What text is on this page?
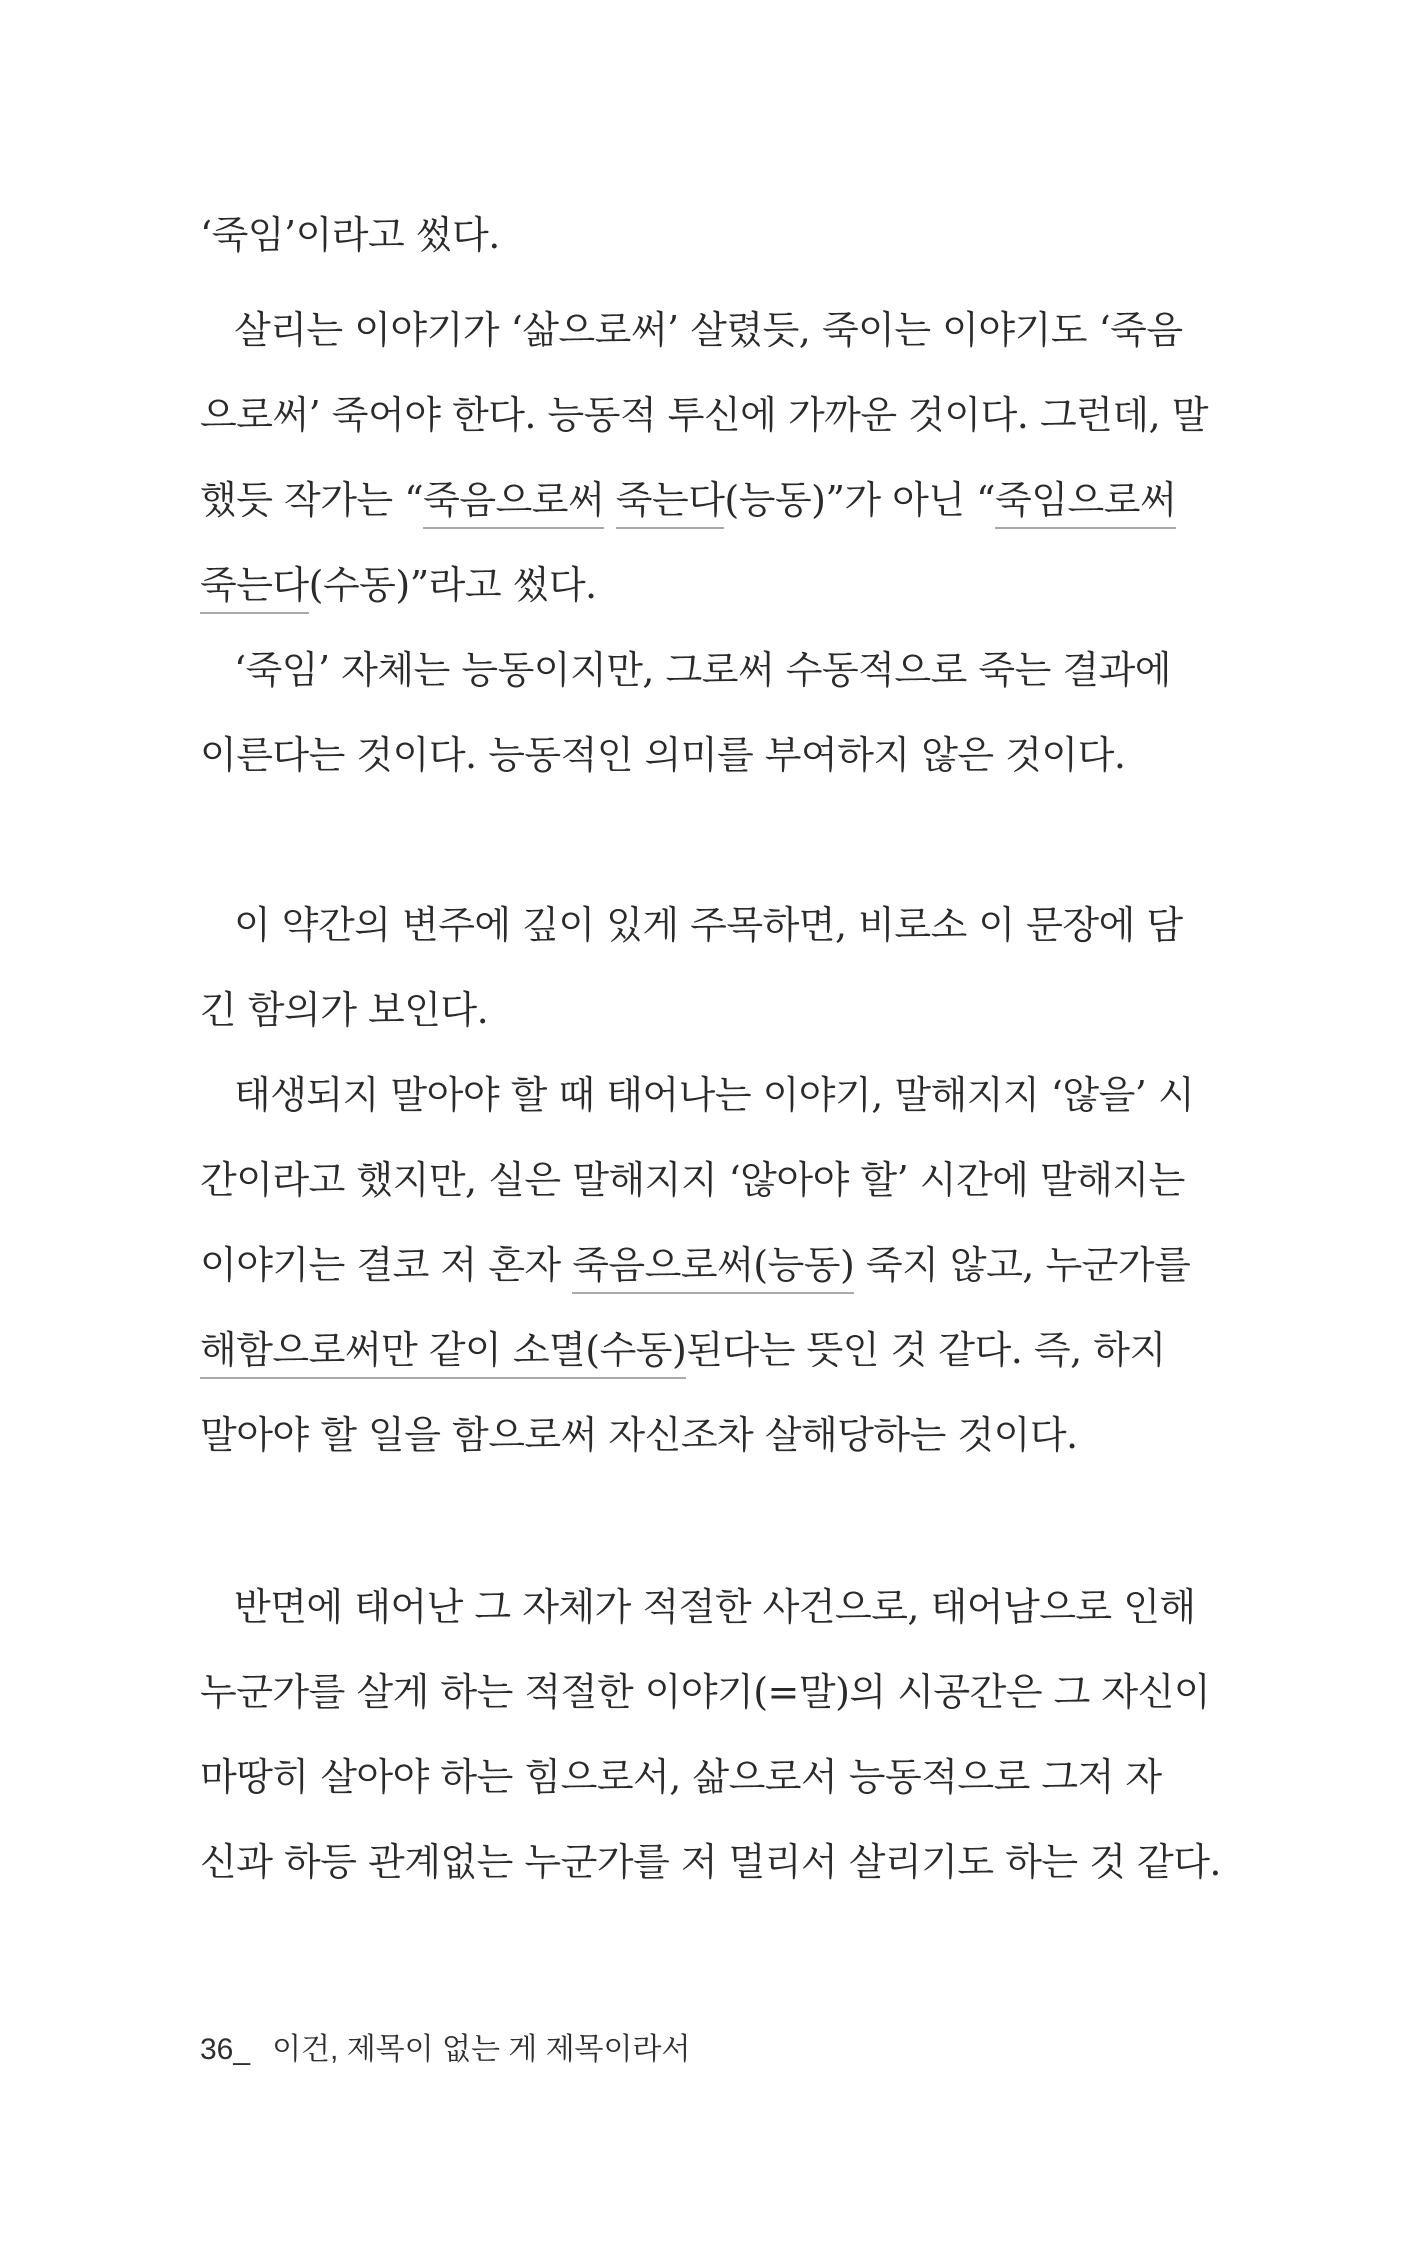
‘죽임’이라고 썼다.
살리는 이야기가 ‘삶으로써’ 살렸듯, 죽이는 이야기도 ‘죽음
으로써’ 죽어야 한다. 능동적 투신에 가까운 것이다. 그런데, 말
했듯 작가는 “죽음으로써 죽는다(능동)”가 아닌 “죽임으로써
죽는다(수동)”라고 썼다.
‘죽임’ 자체는 능동이지만, 그로써 수동적으로 죽는 결과에
이른다는 것이다. 능동적인 의미를 부여하지 않은 것이다.
이 약간의 변주에 깊이 있게 주목하면, 비로소 이 문장에 담
긴 함의가 보인다.
태생되지 말아야 할 때 태어나는 이야기, 말해지지 ‘않을’ 시
간이라고 했지만, 실은 말해지지 ‘않아야 할’ 시간에 말해지는
이야기는 결코 저 혼자 죽음으로써(능동) 죽지 않고, 누군가를
해함으로써만 같이 소멸(수동)된다는 뜻인 것 같다. 즉, 하지
말아야 할 일을 함으로써 자신조차 살해당하는 것이다.
반면에 태어난 그 자체가 적절한 사건으로, 태어남으로 인해
누군가를 살게 하는 적절한 이야기(=말)의 시공간은 그 자신이
마땅히 살아야 하는 힘으로서, 삶으로서 능동적으로 그저 자
신과 하등 관계없는 누군가를 저 멀리서 살리기도 하는 것 같다.
36_ 이건, 제목이 없는 게 제목이라서
